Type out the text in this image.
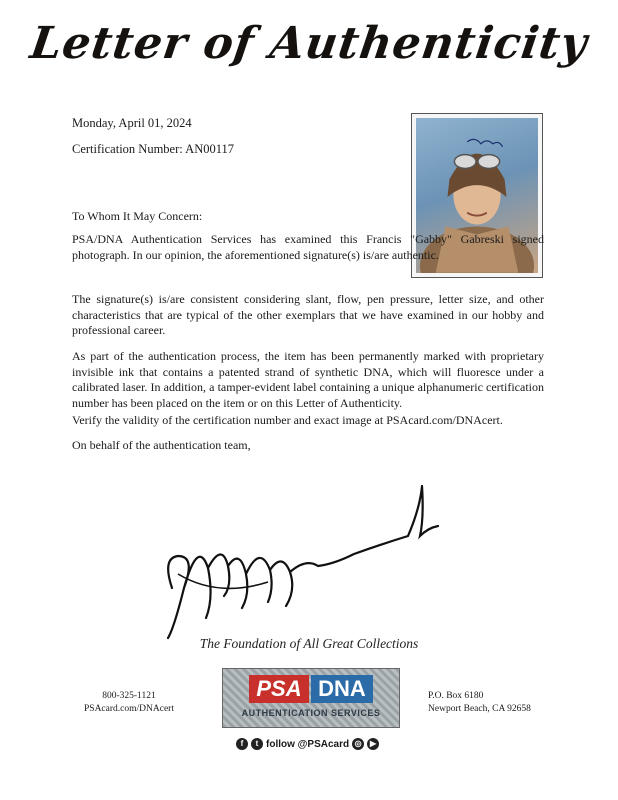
Letter of Authenticity
Monday, April 01, 2024
Certification Number: AN00117
To Whom It May Concern:

PSA/DNA Authentication Services has examined this Francis "Gabby" Gabreski signed photograph. In our opinion, the aforementioned signature(s) is/are authentic.

The signature(s) is/are consistent considering slant, flow, pen pressure, letter size, and other characteristics that are typical of the other exemplars that we have examined in our hobby and professional career.

As part of the authentication process, the item has been permanently marked with proprietary invisible ink that contains a patented strand of synthetic DNA, which will fluoresce under a calibrated laser. In addition, a tamper-evident label containing a unique alphanumeric certification number has been placed on the item or on this Letter of Authenticity.

Verify the validity of the certification number and exact image at PSAcard.com/DNAcert.

On behalf of the authentication team,

The Foundation of All Great Collections
PSA DNA
AUTHENTICATION SERVICES
800-325-1121
PSAcard.com/DNAcert
P.O. Box 6180
Newport Beach, CA 92658
f	t follow @PSAcard ◎	▶
